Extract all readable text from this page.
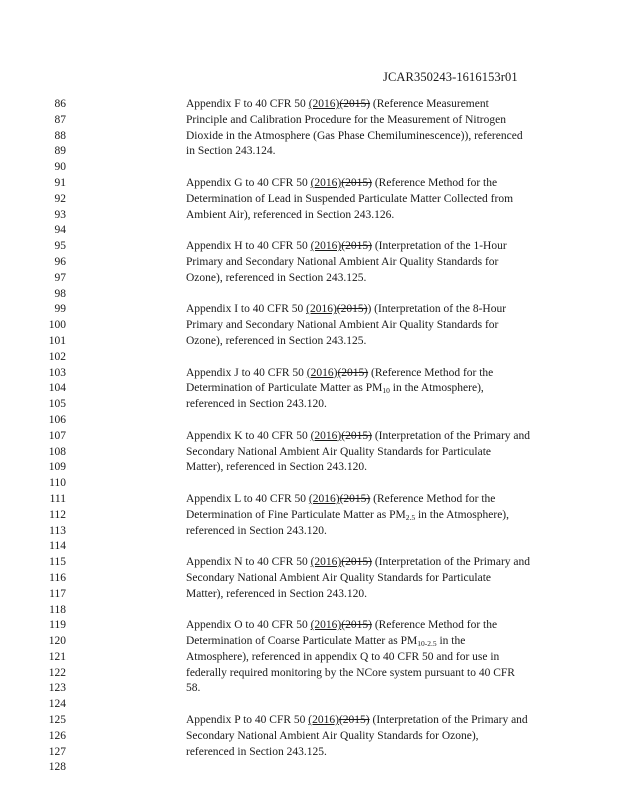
JCAR350243-1616153r01
86
87
88
89
90
91
92
93
94
95
96
97
98
99
100
101
102
103
104
105
106
107
108
109
110
111
112
113
114
115
116
117
118
119
120
121
122
123
124
125
126
127
128
Appendix F to 40 CFR 50 (2016)(2015) (Reference Measurement
Principle and Calibration Procedure for the Measurement of Nitrogen
Dioxide in the Atmosphere (Gas Phase Chemiluminescence)), referenced
in Section 243.124.
Appendix G to 40 CFR 50 (2016)(2015) (Reference Method for the
Determination of Lead in Suspended Particulate Matter Collected from
Ambient Air), referenced in Section 243.126.
Appendix H to 40 CFR 50 (2016)(2015) (Interpretation of the 1-Hour
Primary and Secondary National Ambient Air Quality Standards for
Ozone), referenced in Section 243.125.
Appendix I to 40 CFR 50 (2016)(2015)) (Interpretation of the 8-Hour
Primary and Secondary National Ambient Air Quality Standards for
Ozone), referenced in Section 243.125.
Appendix J to 40 CFR 50 (2016)(2015) (Reference Method for the
Determination of Particulate Matter as $PM_{10}$ in the Atmosphere),
referenced in Section 243.120.
Appendix K to 40 CFR 50 (2016)(2015) (Interpretation of the Primary and
Secondary National Ambient Air Quality Standards for Particulate
Matter), referenced in Section 243.120.
Appendix L to 40 CFR 50 (2016)(2015) (Reference Method for the
Determination of Fine Particulate Matter as $PM_{2.5}$ in the Atmosphere),
referenced in Section 243.120.
Appendix N to 40 CFR 50 (2016)(2015) (Interpretation of the Primary and
Secondary National Ambient Air Quality Standards for Particulate
Matter), referenced in Section 243.120.
Appendix O to 40 CFR 50 (2016)(2015) (Reference Method for the
Determination of Coarse Particulate Matter as $PM_{10-2.5}$ in the
Atmosphere), referenced in appendix Q to 40 CFR 50 and for use in
federally required monitoring by the NCore system pursuant to 40 CFR
58.
Appendix P to 40 CFR 50 (2016)(2015) (Interpretation of the Primary and
Secondary National Ambient Air Quality Standards for Ozone),
referenced in Section 243.125.
